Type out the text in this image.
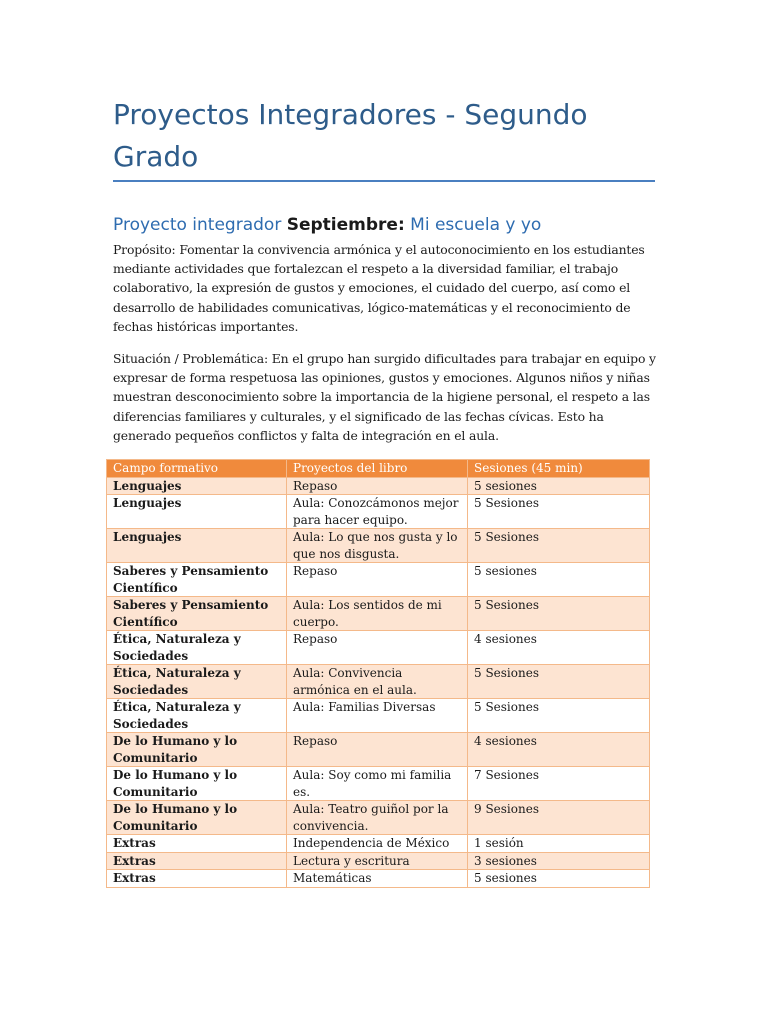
Proyectos Integradores - Segundo Grado
Proyecto integrador Septiembre: Mi escuela y yo

Propósito: Fomentar la convivencia armónica y el autoconocimiento en los estudiantes mediante actividades que fortalezcan el respeto a la diversidad familiar, el trabajo colaborativo, la expresión de gustos y emociones, el cuidado del cuerpo, así como el desarrollo de habilidades comunicativas, lógico-matemáticas y el reconocimiento de fechas históricas importantes.

Situación / Problemática: En el grupo han surgido dificultades para trabajar en equipo y expresar de forma respetuosa las opiniones, gustos y emociones. Algunos niños y niñas muestran desconocimiento sobre la importancia de la higiene personal, el respeto a las diferencias familiares y culturales, y el significado de las fechas cívicas. Esto ha generado pequeños conflictos y falta de integración en el aula.

Campo formativo	Proyectos del libro	Sesiones (45 min)
Lenguajes	Repaso	5 sesiones
Lenguajes	Aula: Conozcámonos mejor para hacer equipo.	5 Sesiones
Lenguajes	Aula: Lo que nos gusta y lo que nos disgusta.	5 Sesiones
Saberes y Pensamiento Científico	Repaso	5 sesiones
Saberes y Pensamiento Científico	Aula: Los sentidos de mi cuerpo.	5 Sesiones
Ética, Naturaleza y Sociedades	Repaso	4 sesiones
Ética, Naturaleza y Sociedades	Aula: Convivencia armónica en el aula.	5 Sesiones
Ética, Naturaleza y Sociedades	Aula: Familias Diversas	5 Sesiones
De lo Humano y lo Comunitario	Repaso	4 sesiones
De lo Humano y lo Comunitario	Aula: Soy como mi familia es.	7 Sesiones
De lo Humano y lo Comunitario	Aula: Teatro guiñol por la convivencia.	9 Sesiones
Extras	Independencia de México	1 sesión
Extras	Lectura y escritura	3 sesiones
Extras	Matemáticas	5 sesiones
